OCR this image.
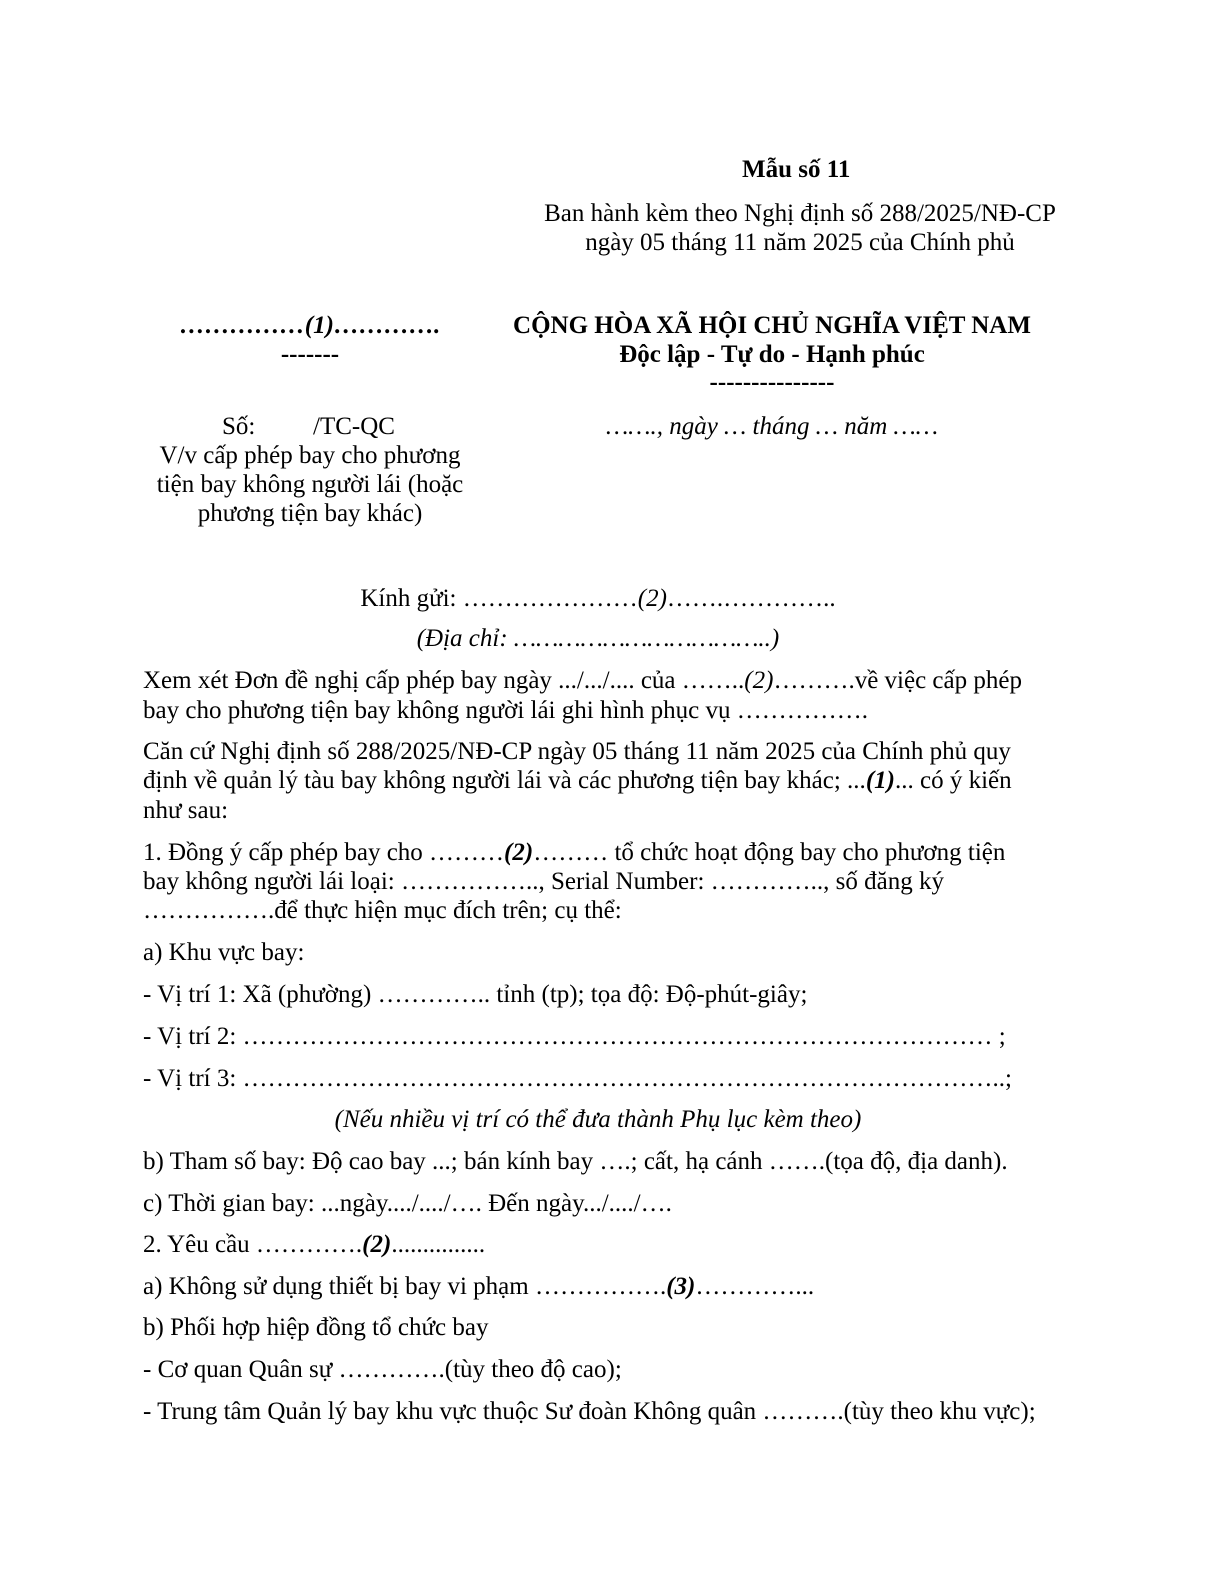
Mẫu số 11
Ban hành kèm theo Nghị định số 288/2025/NĐ-CP
ngày 05 tháng 11 năm 2025 của Chính phủ
……………(1)………….
-------
Số: /TC-QC
V/v cấp phép bay cho phương
tiện bay không người lái (hoặc
phương tiện bay khác)
CỘNG HÒA XÃ HỘI CHỦ NGHĨA VIỆT NAM
Độc lập - Tự do - Hạnh phúc
---------------
……., ngày … tháng … năm ……
Kính gửi: …………………(2)…….…………..
(Địa chỉ: ……………………………..)
Xem xét Đơn đề nghị cấp phép bay ngày .../.../.... của ……..(2)……….về việc cấp phép
bay cho phương tiện bay không người lái ghi hình phục vụ …………….
Căn cứ Nghị định số 288/2025/NĐ-CP ngày 05 tháng 11 năm 2025 của Chính phủ quy
định về quản lý tàu bay không người lái và các phương tiện bay khác; ...(1)... có ý kiến
như sau:
1. Đồng ý cấp phép bay cho ………(2)……… tổ chức hoạt động bay cho phương tiện
bay không người lái loại: …………….., Serial Number: ………….., số đăng ký
…………….để thực hiện mục đích trên; cụ thể:
a) Khu vực bay:
- Vị trí 1: Xã (phường) ………….. tỉnh (tp); tọa độ: Độ-phút-giây;
- Vị trí 2: ……………………………………………………………………………… ;
- Vị trí 3: ………………………………………………………………………………..;
(Nếu nhiều vị trí có thể đưa thành Phụ lục kèm theo)
b) Tham số bay: Độ cao bay ...; bán kính bay ….; cất, hạ cánh …….(tọa độ, địa danh).
c) Thời gian bay: ...ngày..../..../…. Đến ngày.../..../….
2. Yêu cầu ………….(2)...............
a) Không sử dụng thiết bị bay vi phạm …………….(3)…………...
b) Phối hợp hiệp đồng tổ chức bay
- Cơ quan Quân sự ………….(tùy theo độ cao);
- Trung tâm Quản lý bay khu vực thuộc Sư đoàn Không quân ……….(tùy theo khu vực);
